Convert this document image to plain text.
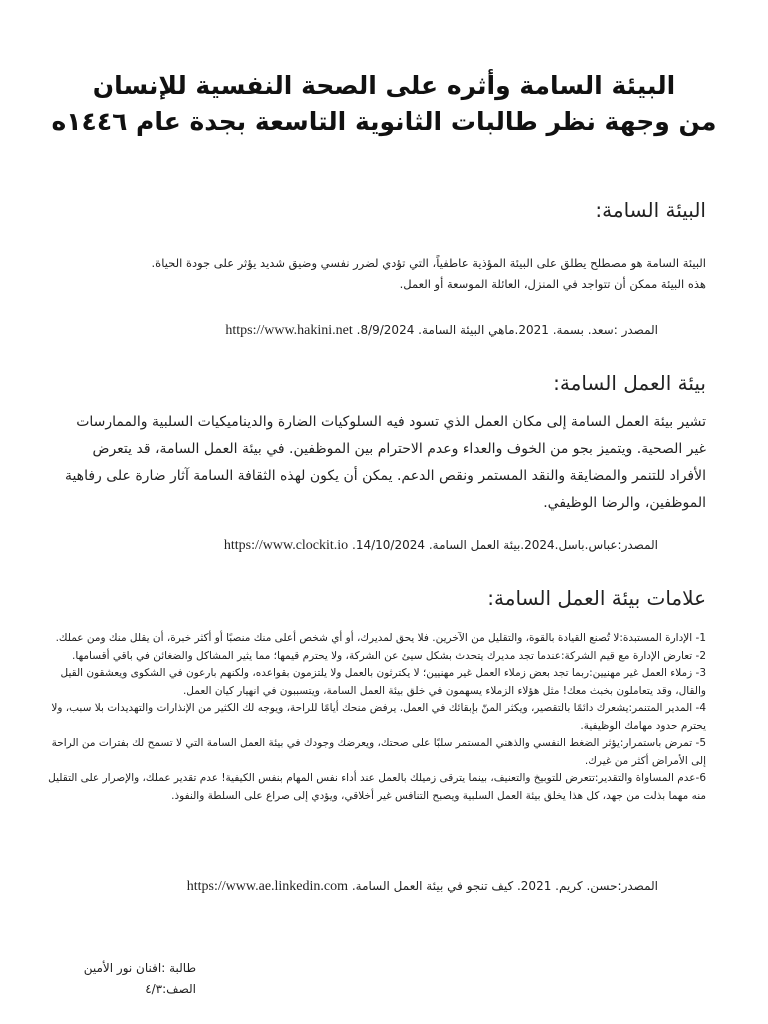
البيئة السامة وأثره على الصحة النفسية للإنسان
من وجهة نظر طالبات الثانوية التاسعة بجدة عام ١٤٤٦ه
البيئة السامة:
البيئة السامة هو مصطلح يطلق على البيئة المؤذية عاطفياً، التي تؤدي لضرر نفسي وضيق شديد يؤثر على جودة الحياة.
هذه البيئة ممكن أن تتواجد في المنزل، العائلة الموسعة أو العمل.
المصدر :سعد. بسمة. 2021.ماهي البيئة السامة. 8/9/2024. https://www.hakini.net
بيئة العمل السامة:
تشير بيئة العمل السامة إلى مكان العمل الذي تسود فيه السلوكيات الضارة والديناميكيات السلبية والممارسات
غير الصحية. ويتميز بجو من الخوف والعداء وعدم الاحترام بين الموظفين. في بيئة العمل السامة، قد يتعرض
الأفراد للتنمر والمضايقة والنقد المستمر ونقص الدعم. يمكن أن يكون لهذه الثقافة السامة آثار ضارة على رفاهية
الموظفين، والرضا الوظيفي.
المصدر:عباس.باسل.2024.بيئة العمل السامة. 14/10/2024. https://www.clockit.io
علامات بيئة العمل السامة:
1- الإدارة المستبدة:لا تُصنع القيادة بالقوة، والتقليل من الآخرين. فلا يحق لمديرك، أو أي شخص أعلى منك منصبًا أو أكثر خبرة، أن يقلل منك ومن عملك.
2- تعارض الإدارة مع قيم الشركة:عندما تجد مديرك يتحدث بشكل سيئ عن الشركة، ولا يحترم قيمها؛ مما يثير المشاكل والضغائن في باقي أقسامها.
3- زملاء العمل غير مهنيين:ربما تجد بعض زملاء العمل غير مهنيين؛ لا يكترثون بالعمل ولا يلتزمون بقواعده، ولكنهم بارعون في الشكوى ويعشقون القيل والقال، وقد يتعاملون بخبث معك! مثل هؤلاء الزملاء يسهمون في خلق بيئة العمل السامة، ويتسببون في انهيار كيان العمل.
4- المدير المتنمر:يشعرك دائمًا بالتقصير، ويكثر المنّ بإبقائك في العمل. يرفض منحك أيامًا للراحة، ويوجه لك الكثير من الإنذارات والتهديدات بلا سبب، ولا يحترم حدود مهامك الوظيفية.
5- تمرض باستمرار:يؤثر الضغط النفسي والذهني المستمر سلبًا على صحتك، ويعرضك وجودك في بيئة العمل السامة التي لا تسمح لك بفترات من الراحة إلى الأمراض أكثر من غيرك.
6-عدم المساواة والتقدير:تتعرض للتوبيخ والتعنيف، بينما يترقى زميلك بالعمل عند أداء نفس المهام بنفس الكيفية! عدم تقدير عملك، والإصرار على التقليل منه مهما بذلت من جهد، كل هذا يخلق بيئة العمل السلبية ويصبح التنافس غير أخلاقي، ويؤدي إلى صراع على السلطة والنفوذ.
المصدر:حسن. كريم. 2021. كيف تنجو في بيئة العمل السامة. https://www.ae.linkedin.com
طالبة :افنان نور الأمين
الصف:٤/٣
